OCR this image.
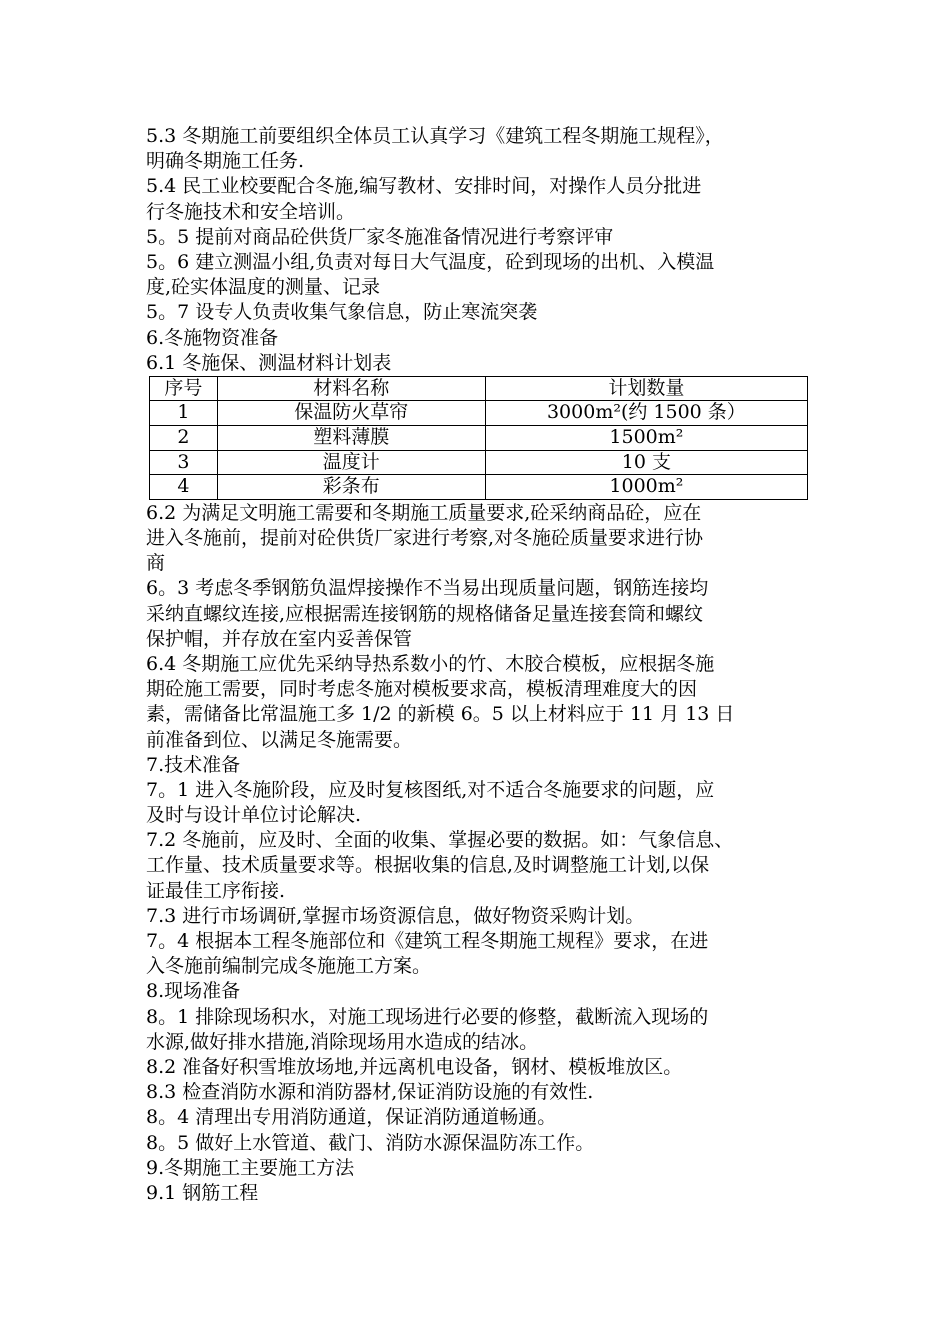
5.3 冬期施工前要组织全体员工认真学习《建筑工程冬期施工规程》，
明确冬期施工任务.
5.4 民工业校要配合冬施,编写教材、安排时间，对操作人员分批进
行冬施技术和安全培训。
5。5 提前对商品砼供货厂家冬施准备情况进行考察评审
5。6 建立测温小组,负责对每日大气温度，砼到现场的出机、入模温
度,砼实体温度的测量、记录
5。7 设专人负责收集气象信息，防止寒流突袭
6.冬施物资准备
6.1 冬施保、测温材料计划表
序号	材料名称	计划数量
1	保温防火草帘	3000m²(约 1500 条）
2	塑料薄膜	1500m²
3	温度计	10 支
4	彩条布	1000m²
6.2 为满足文明施工需要和冬期施工质量要求,砼采纳商品砼，应在
进入冬施前，提前对砼供货厂家进行考察,对冬施砼质量要求进行协
商
6。3 考虑冬季钢筋负温焊接操作不当易出现质量问题，钢筋连接均
采纳直螺纹连接,应根据需连接钢筋的规格储备足量连接套筒和螺纹
保护帽，并存放在室内妥善保管
6.4 冬期施工应优先采纳导热系数小的竹、木胶合模板，应根据冬施
期砼施工需要，同时考虑冬施对模板要求高，模板清理难度大的因
素，需储备比常温施工多 1/2 的新模 6。5 以上材料应于 11 月 13 日
前准备到位、以满足冬施需要。
7.技术准备
7。1 进入冬施阶段，应及时复核图纸,对不适合冬施要求的问题，应
及时与设计单位讨论解决.
7.2 冬施前，应及时、全面的收集、掌握必要的数据。如：气象信息、
工作量、技术质量要求等。根据收集的信息,及时调整施工计划,以保
证最佳工序衔接.
7.3 进行市场调研,掌握市场资源信息，做好物资采购计划。
7。4 根据本工程冬施部位和《建筑工程冬期施工规程》要求，在进
入冬施前编制完成冬施施工方案。
8.现场准备
8。1 排除现场积水，对施工现场进行必要的修整，截断流入现场的
水源,做好排水措施,消除现场用水造成的结冰。
8.2 准备好积雪堆放场地,并远离机电设备，钢材、模板堆放区。
8.3 检查消防水源和消防器材,保证消防设施的有效性.
8。4 清理出专用消防通道，保证消防通道畅通。
8。5 做好上水管道、截门、消防水源保温防冻工作。
9.冬期施工主要施工方法
9.1 钢筋工程
